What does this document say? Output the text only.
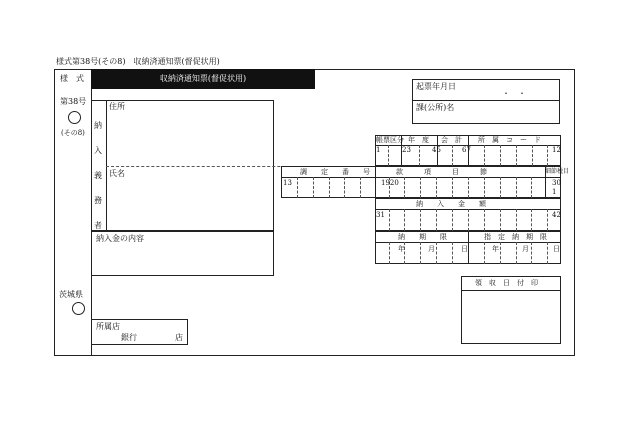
様式第38号(その8)　収納済通知票(督促状用)
様　式
第38号
(その8)
茨城県
収納済通知票(督促状用)
納
入
義
務
者
住所
氏名
納入金の内容
所属店
銀行	店
起票年月日
・　・
課(公所)名
帳票区分 年　度 会　計 所　属　コ　ー　ド
1	23	45	67	12
調　　定　　番　　号	款　　　項　　　目　　　節	細節税目
13	1920	30
1
納　　入　　金　　額
31	42
納　　期　　限	指　定　納　期　限
年	月	日	年	月	日
領　収　日　付　印
